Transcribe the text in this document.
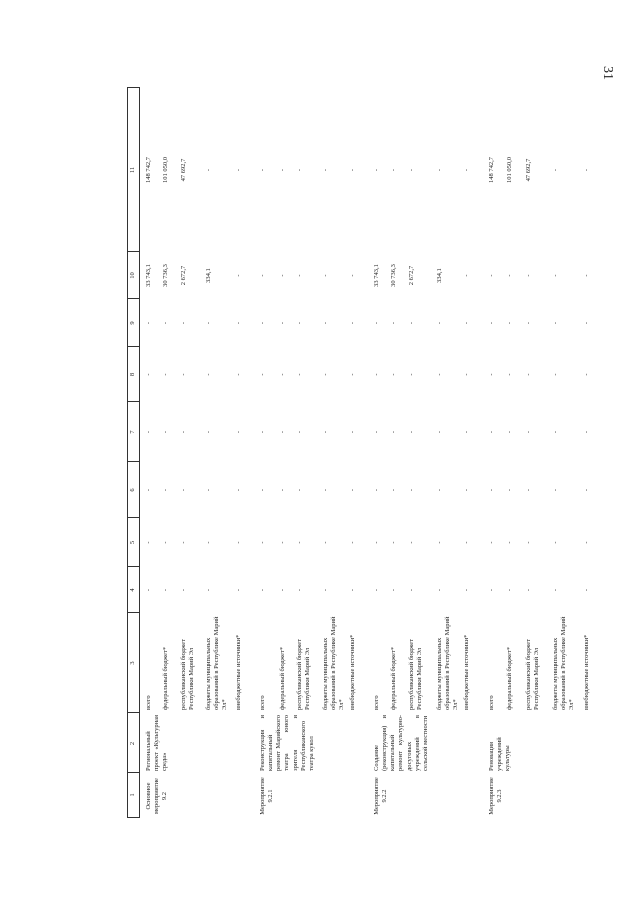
31
1
2
3
4
5
6
7
8
9
10
11
Основное мероприятие 9.2
Региональный проект «Культурная среда»
всего
-
-
-
-
-
-
33 743,1
148 742,7
федеральный бюджет*
-
-
-
-
-
-
30 736,3
101 050,0
республиканский бюджет Республики Марий Эл
-
-
-
-
-
-
2 672,7
47 692,7
бюджеты муниципальных образований в Республике Марий Эл*
-
-
-
-
-
-
334,1
-
внебюджетные источники*
-
-
-
-
-
-
-
-
Мероприятие 9.2.1
Реконструкция и капитальный ремонт Марийского театра юного зрителя и Республиканского театра кукол
всего
-
-
-
-
-
-
-
-
федеральный бюджет*
-
-
-
-
-
-
-
-
республиканский бюджет Республики Марий Эл
-
-
-
-
-
-
-
-
бюджеты муниципальных образований в Республике Марий Эл*
-
-
-
-
-
-
-
-
внебюджетные источники*
-
-
-
-
-
-
-
-
Мероприятие 9.2.2
Создание (реконструкция) и капитальный ремонт культурно-досуговых учреждений в сельской местности
всего
-
-
-
-
-
-
33 743,1
-
федеральный бюджет*
-
-
-
-
-
-
30 736,3
-
республиканский бюджет Республики Марий Эл
-
-
-
-
-
-
2 672,7
-
бюджеты муниципальных образований в Республике Марий Эл*
-
-
-
-
-
-
334,1
-
внебюджетные источники*
-
-
-
-
-
-
-
-
Мероприятие 9.2.3
Реновация учреждений культуры
всего
-
-
-
-
-
-
-
148 742,7
федеральный бюджет*
-
-
-
-
-
-
-
101 050,0
республиканский бюджет Республики Марий Эл
-
-
-
-
-
-
-
47 692,7
бюджеты муниципальных образований в Республике Марий Эл*
-
-
-
-
-
-
-
-
внебюджетные источники*
-
-
-
-
-
-
-
-
